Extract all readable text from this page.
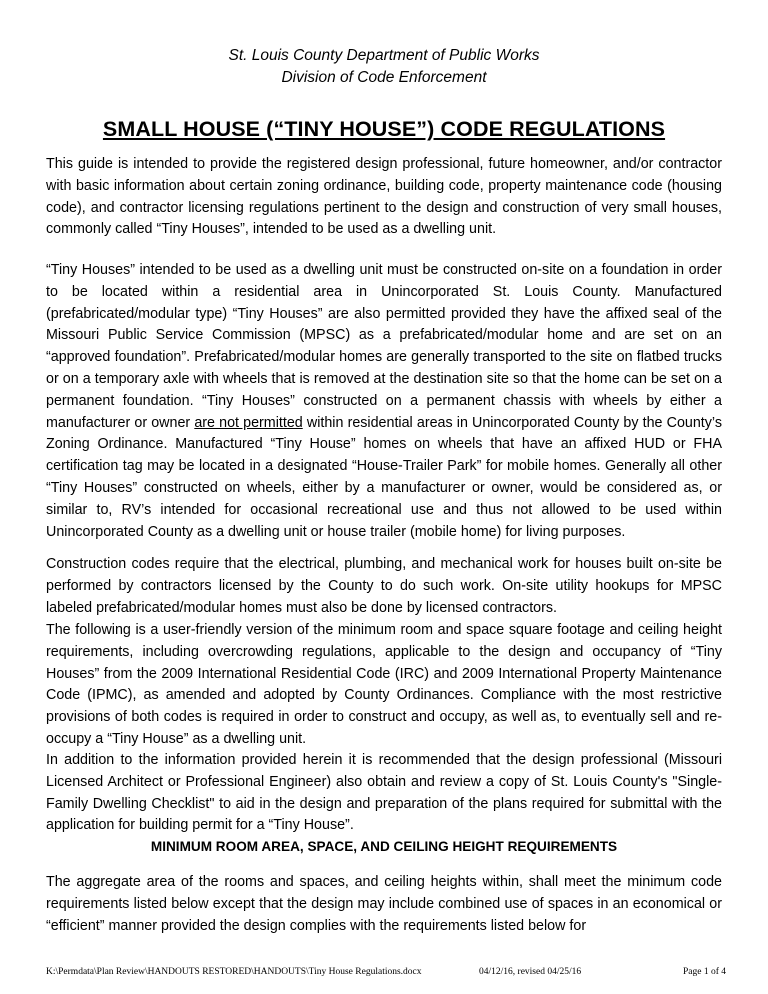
St. Louis County Department of Public Works
Division of Code Enforcement
SMALL HOUSE (“TINY HOUSE”) CODE REGULATIONS
This guide is intended to provide the registered design professional, future homeowner, and/or contractor with basic information about certain zoning ordinance, building code, property maintenance code (housing code), and contractor licensing regulations pertinent to the design and construction of very small houses, commonly called “Tiny Houses”, intended to be used as a dwelling unit.
“Tiny Houses” intended to be used as a dwelling unit must be constructed on-site on a foundation in order to be located within a residential area in Unincorporated St. Louis County. Manufactured (prefabricated/modular type) “Tiny Houses” are also permitted provided they have the affixed seal of the Missouri Public Service Commission (MPSC) as a prefabricated/modular home and are set on an “approved foundation”. Prefabricated/modular homes are generally transported to the site on flatbed trucks or on a temporary axle with wheels that is removed at the destination site so that the home can be set on a permanent foundation. “Tiny Houses” constructed on a permanent chassis with wheels by either a manufacturer or owner are not permitted within residential areas in Unincorporated County by the County’s Zoning Ordinance. Manufactured “Tiny House” homes on wheels that have an affixed HUD or FHA certification tag may be located in a designated “House-Trailer Park” for mobile homes. Generally all other “Tiny Houses” constructed on wheels, either by a manufacturer or owner, would be considered as, or similar to, RV’s intended for occasional recreational use and thus not allowed to be used within Unincorporated County as a dwelling unit or house trailer (mobile home) for living purposes.
Construction codes require that the electrical, plumbing, and mechanical work for houses built on-site be performed by contractors licensed by the County to do such work. On-site utility hookups for MPSC labeled prefabricated/modular homes must also be done by licensed contractors.
The following is a user-friendly version of the minimum room and space square footage and ceiling height requirements, including overcrowding regulations, applicable to the design and occupancy of “Tiny Houses” from the 2009 International Residential Code (IRC) and 2009 International Property Maintenance Code (IPMC), as amended and adopted by County Ordinances. Compliance with the most restrictive provisions of both codes is required in order to construct and occupy, as well as, to eventually sell and re-occupy a “Tiny House” as a dwelling unit.
In addition to the information provided herein it is recommended that the design professional (Missouri Licensed Architect or Professional Engineer) also obtain and review a copy of St. Louis County's "Single-Family Dwelling Checklist" to aid in the design and preparation of the plans required for submittal with the application for building permit for a “Tiny House”.
MINIMUM ROOM AREA, SPACE, AND CEILING HEIGHT REQUIREMENTS
The aggregate area of the rooms and spaces, and ceiling heights within, shall meet the minimum code requirements listed below except that the design may include combined use of spaces in an economical or “efficient” manner provided the design complies with the requirements listed below for
K:\Permdata\Plan Review\HANDOUTS RESTORED\HANDOUTS\Tiny House Regulations.docx	04/12/16, revised 04/25/16	Page 1 of 4
